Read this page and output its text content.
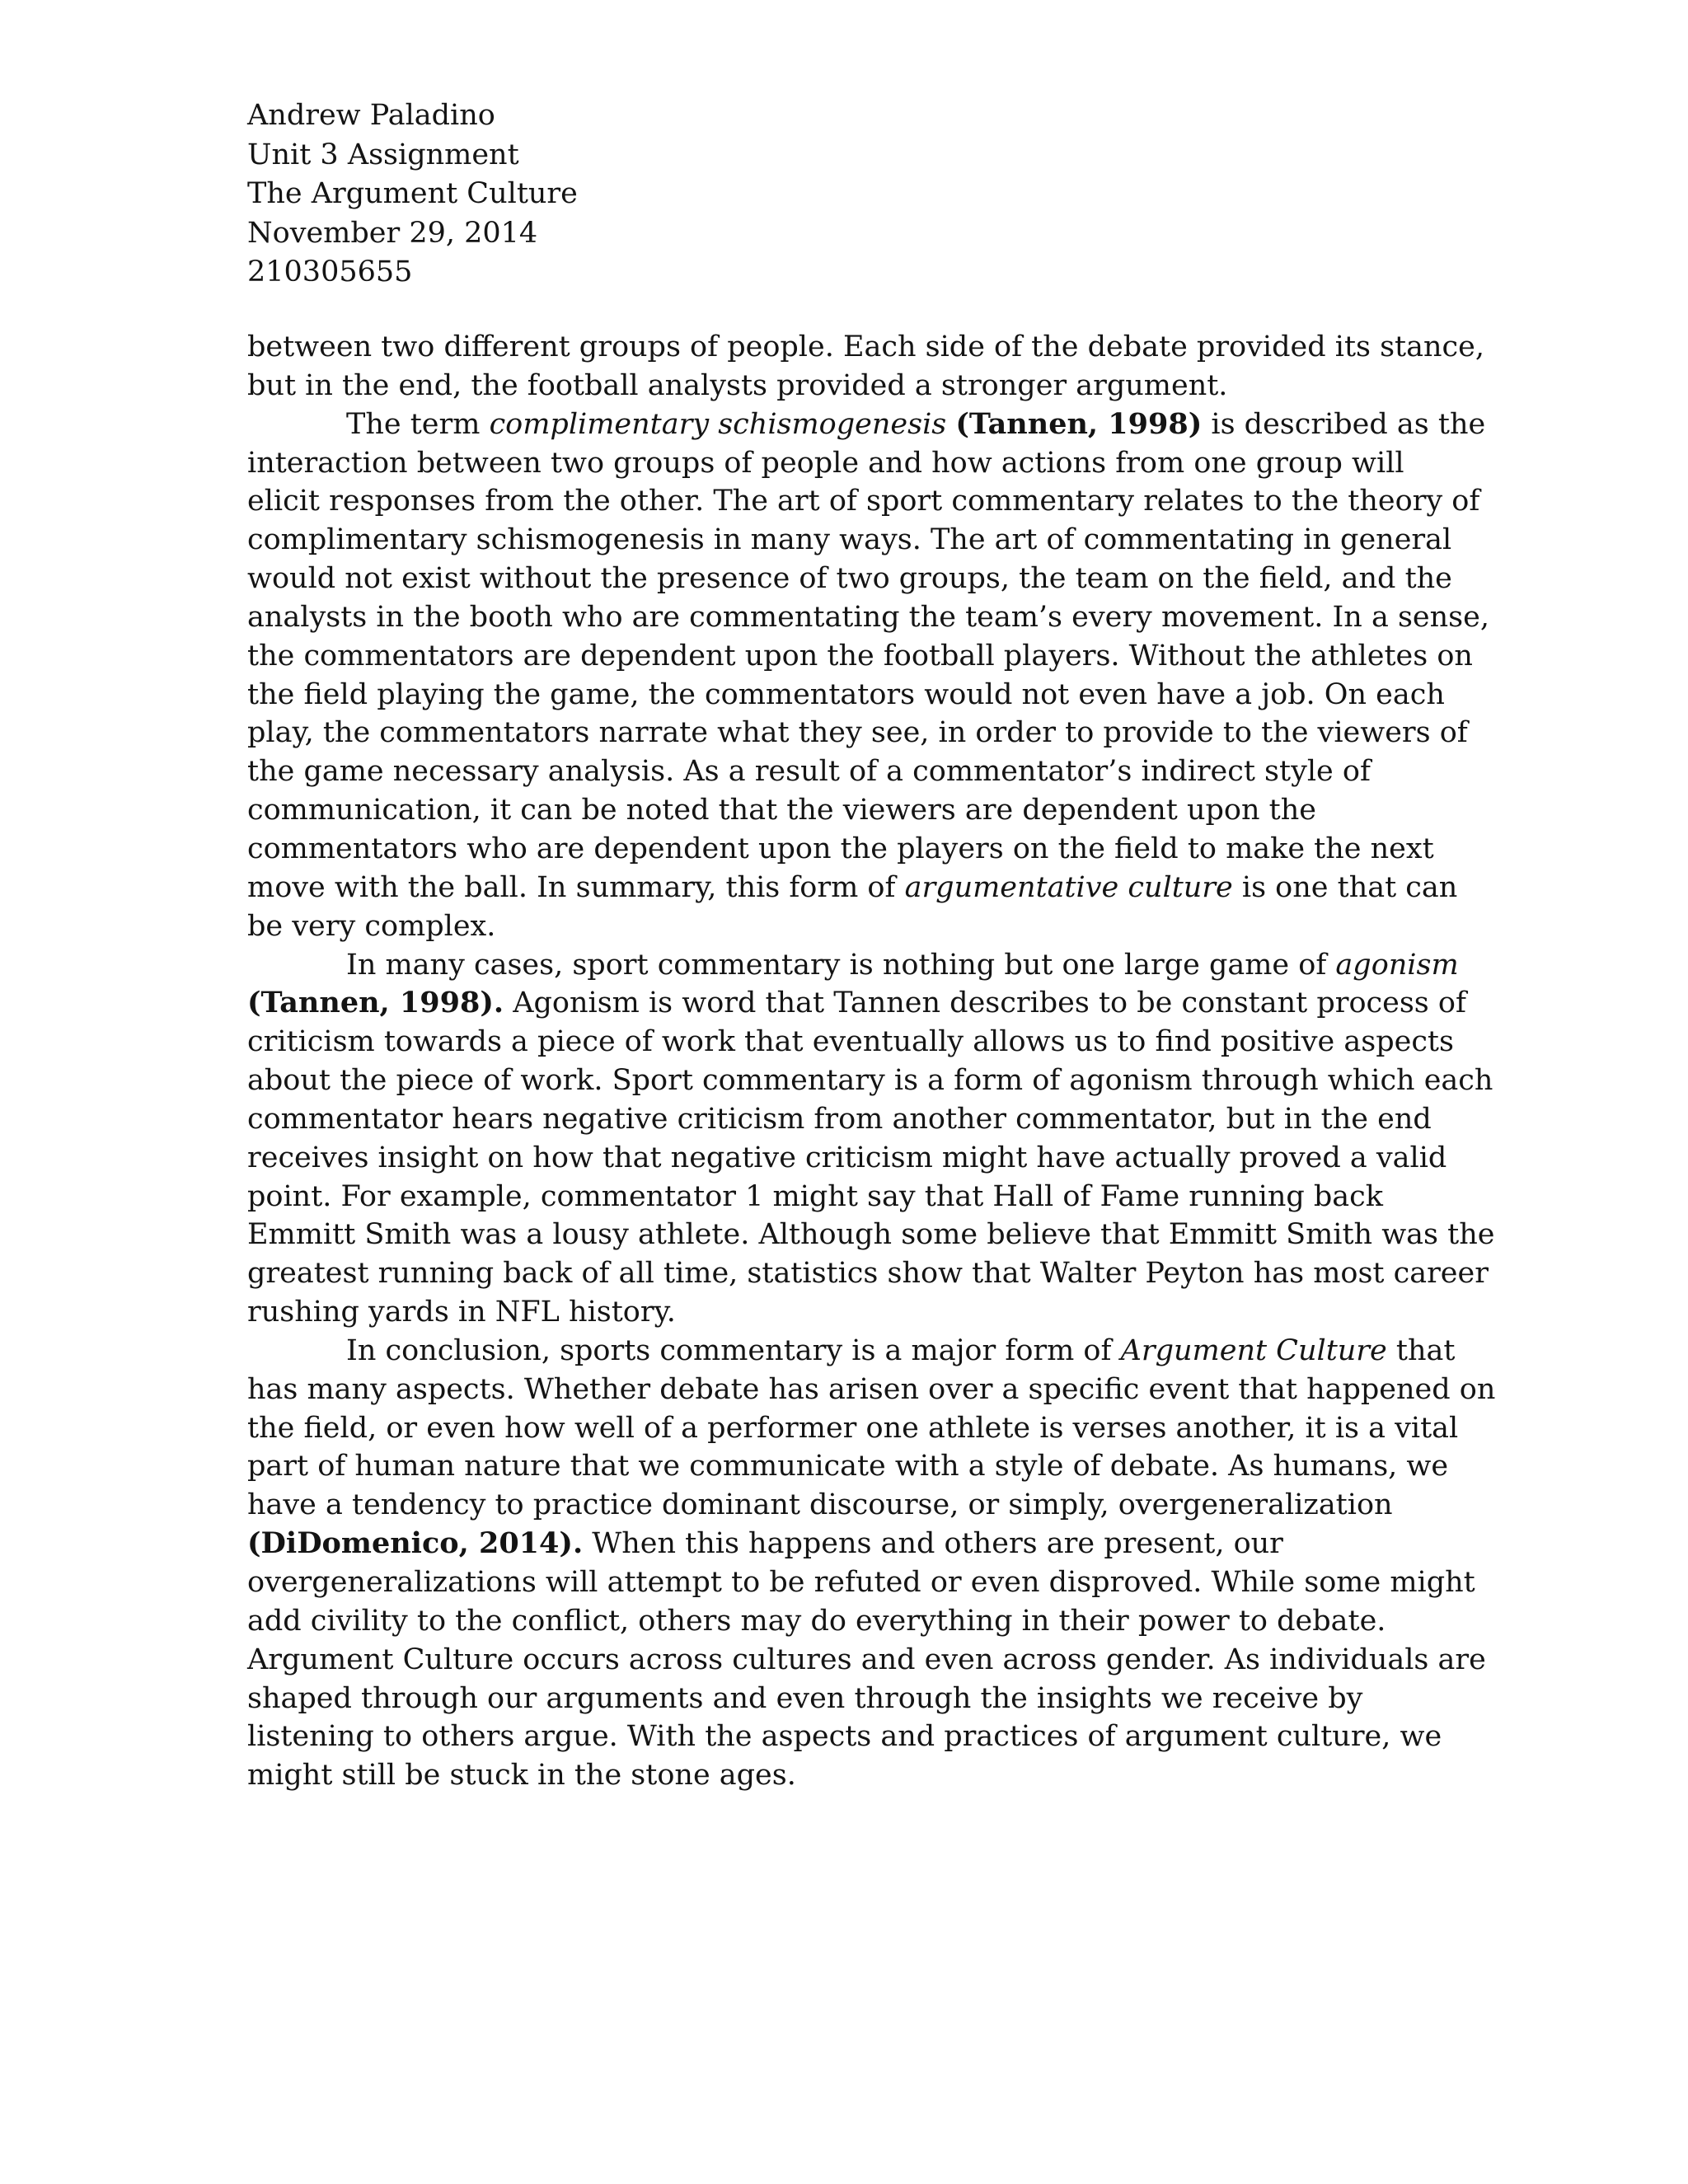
Andrew Paladino
Unit 3 Assignment
The Argument Culture
November 29, 2014
210305655
between two different groups of people. Each side of the debate provided its stance,
but in the end, the football analysts provided a stronger argument.
The term complimentary schismogenesis (Tannen, 1998) is described as the
interaction between two groups of people and how actions from one group will
elicit responses from the other. The art of sport commentary relates to the theory of
complimentary schismogenesis in many ways. The art of commentating in general
would not exist without the presence of two groups, the team on the field, and the
analysts in the booth who are commentating the team’s every movement. In a sense,
the commentators are dependent upon the football players. Without the athletes on
the field playing the game, the commentators would not even have a job. On each
play, the commentators narrate what they see, in order to provide to the viewers of
the game necessary analysis. As a result of a commentator’s indirect style of
communication, it can be noted that the viewers are dependent upon the
commentators who are dependent upon the players on the field to make the next
move with the ball. In summary, this form of argumentative culture is one that can
be very complex.
In many cases, sport commentary is nothing but one large game of agonism
(Tannen, 1998). Agonism is word that Tannen describes to be constant process of
criticism towards a piece of work that eventually allows us to find positive aspects
about the piece of work. Sport commentary is a form of agonism through which each
commentator hears negative criticism from another commentator, but in the end
receives insight on how that negative criticism might have actually proved a valid
point. For example, commentator 1 might say that Hall of Fame running back
Emmitt Smith was a lousy athlete. Although some believe that Emmitt Smith was the
greatest running back of all time, statistics show that Walter Peyton has most career
rushing yards in NFL history.
In conclusion, sports commentary is a major form of Argument Culture that
has many aspects. Whether debate has arisen over a specific event that happened on
the field, or even how well of a performer one athlete is verses another, it is a vital
part of human nature that we communicate with a style of debate. As humans, we
have a tendency to practice dominant discourse, or simply, overgeneralization
(DiDomenico, 2014). When this happens and others are present, our
overgeneralizations will attempt to be refuted or even disproved. While some might
add civility to the conflict, others may do everything in their power to debate.
Argument Culture occurs across cultures and even across gender. As individuals are
shaped through our arguments and even through the insights we receive by
listening to others argue. With the aspects and practices of argument culture, we
might still be stuck in the stone ages.
